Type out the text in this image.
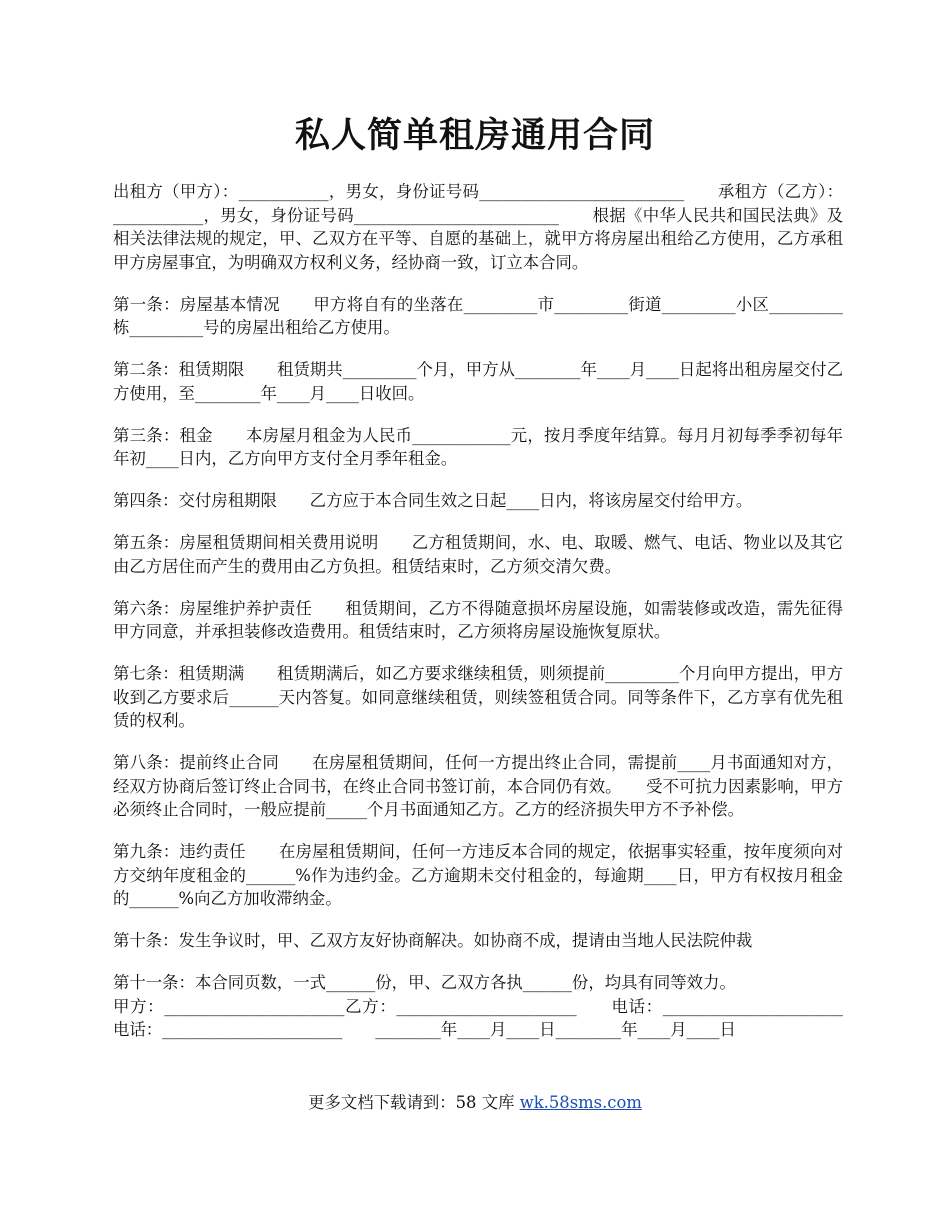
私人简单租房通用合同

出租方（甲方）：___________，男女，身份证号码_________________________　　承租方（乙方）：___________，男女，身份证号码_________________________　　根据《中华人民共和国民法典》及相关法律法规的规定，甲、乙双方在平等、自愿的基础上，就甲方将房屋出租给乙方使用，乙方承租甲方房屋事宜，为明确双方权利义务，经协商一致，订立本合同。

第一条：房屋基本情况　　甲方将自有的坐落在_________市_________街道_________小区_________栋_________号的房屋出租给乙方使用。

第二条：租赁期限　　租赁期共_________个月，甲方从________年____月____日起将出租房屋交付乙方使用，至________年____月____日收回。

第三条：租金　　本房屋月租金为人民币____________元，按月季度年结算。每月月初每季季初每年年初____日内，乙方向甲方支付全月季年租金。

第四条：交付房租期限　　乙方应于本合同生效之日起____日内，将该房屋交付给甲方。

第五条：房屋租赁期间相关费用说明　　乙方租赁期间，水、电、取暖、燃气、电话、物业以及其它由乙方居住而产生的费用由乙方负担。租赁结束时，乙方须交清欠费。

第六条：房屋维护养护责任　　租赁期间，乙方不得随意损坏房屋设施，如需装修或改造，需先征得甲方同意，并承担装修改造费用。租赁结束时，乙方须将房屋设施恢复原状。

第七条：租赁期满　　租赁期满后，如乙方要求继续租赁，则须提前_________个月向甲方提出，甲方收到乙方要求后______天内答复。如同意继续租赁，则续签租赁合同。同等条件下，乙方享有优先租赁的权利。

第八条：提前终止合同　　在房屋租赁期间，任何一方提出终止合同，需提前____月书面通知对方，经双方协商后签订终止合同书，在终止合同书签订前，本合同仍有效。　　受不可抗力因素影响，甲方必须终止合同时，一般应提前_____个月书面通知乙方。乙方的经济损失甲方不予补偿。

第九条：违约责任　　在房屋租赁期间，任何一方违反本合同的规定，依据事实轻重，按年度须向对方交纳年度租金的______%作为违约金。乙方逾期未交付租金的，每逾期____日，甲方有权按月租金的______%向乙方加收滞纳金。

第十条：发生争议时，甲、乙双方友好协商解决。如协商不成，提请由当地人民法院仲裁

第十一条：本合同页数，一式______份，甲、乙双方各执______份，均具有同等效力。

甲方：______________________乙方：______________________　　电话：______________________电话：______________________　　________年____月____日________年____月____日

更多文档下载请到：58 文库 wk.58sms.com
